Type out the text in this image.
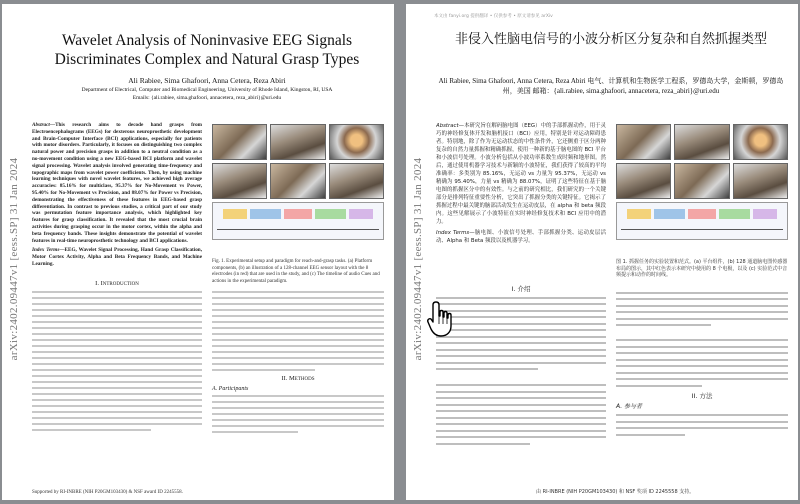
arXiv:2402.09447v1 [eess.SP] 31 Jan 2024
Wavelet Analysis of Noninvasive EEG Signals Discriminates Complex and Natural Grasp Types
Ali Rabiee, Sima Ghafoori, Anna Cetera, Reza Abiri
Department of Electrical, Computer and Biomedical Engineering, University of Rhode Island, Kingston, RI, USA
Emails: {ali.rabiee, sima.ghafoori, annacetera, reza_abiri}@uri.edu
Abstract—This research aims to decode hand grasps from Electroencephalograms (EEGs) for dexterous neuroprosthetic development and Brain-Computer Interface (BCI) applications, especially for patients with motor disorders. Particularly, it focuses on distinguishing two complex natural power and precision grasps in addition to a neutral condition as a no-movement condition using a new EEG-based BCI platform and wavelet signal processing. Wavelet analysis involved generating time-frequency and topographic maps from wavelet power coefficients. Then, by using machine learning techniques with novel wavelet features, we achieved high average accuracies: 85.16% for multiclass, 95.37% for No-Movement vs Power, 95.40% for No-Movement vs Precision, and 88.07% for Power vs Precision, demonstrating the effectiveness of these features in EEG-based grasp differentiation. In contrast to previous studies, a critical part of our study was permutation feature importance analysis, which highlighted key features for grasp classification. It revealed that the most crucial brain activities during grasping occur in the motor cortex, within the alpha and beta frequency bands. These insights demonstrate the potential of wavelet features in real-time neuroprosthetic technology and BCI applications.
Index Terms—EEG, Wavelet Signal Processing, Hand Grasp Classification, Motor Cortex Activity, Alpha and Beta Frequency Bands, and Machine Learning.
I. Introduction
Fig. 1. Experimental setup and paradigm for reach-and-grasp tasks. (a) Platform components, (b) an illustration of a 128-channel EEG sensor layout with the 8 electrodes (in red) that are used in the study, and (c) The timeline of audio Cues and actions in the experimental paradigm.
II. Methods
A. Participants
Supported by RI-INBRE (NIH P20GM103430) & NSF award ID 2245558.
本文由 fanyi.org 提供翻译 • 仅供参考 • 原文请参见 arXiv
arXiv:2402.09447v1 [eess.SP] 31 Jan 2024
非侵入性脑电信号的小波分析区分复杂和自然抓握类型
Ali Rabiee, Sima Ghafoori, Anna Cetera, Reza Abiri 电气、计算机和生物医学工程系，罗德岛大学，金斯顿，罗德岛州，美国 邮箱：{ali.rabiee, sima.ghafoori, annacetera, reza_abiri}@uri.edu
Abstract—本研究旨在解码脑电图（EEG）中的手部抓握动作，用于灵巧的神经修复体开发和脑机接口（BCI）应用，特别是针对运动障碍患者。特别地，除了作为无运动状态的中性条件外，它还侧重于区分两种复杂的自然力量抓握和精确抓握，使用一种新的基于脑电图的 BCI 平台和小波信号处理。小波分析包括从小波功率系数生成时频和地形图。然后，通过使用机器学习技术与新颖的小波特征，我们获得了较高的平均准确率：多类别为 85.16%，无运动 vs 力量为 95.37%，无运动 vs 精确为 95.40%，力量 vs 精确为 88.07%，证明了这些特征在基于脑电图的抓握区分中的有效性。与之前的研究相比，我们研究的一个关键部分是排列特征重要性分析，它突出了抓握分类的关键特征。它揭示了抓握过程中最关键的脑部活动发生在运动皮层，在 alpha 和 beta 频段内。这些见解展示了小波特征在实时神经修复技术和 BCI 应用中的潜力。
Index Terms—脑电图、小波信号处理、手部抓握分类、运动皮层活动、Alpha 和 Beta 频段以及机器学习。
I. 介绍
图 1. 抓握任务的实验装置和范式。(a) 平台组件，(b) 128 通道脑电图传感器布局的图示，其中红色表示本研究中使用的 8 个电极，以及 (c) 实验范式中音频提示和动作的时间线。
II. 方法
A. 参与者
由 RI-INBRE (NIH P20GM103430) 和 NSF 奖项 ID 2245558 支持。
